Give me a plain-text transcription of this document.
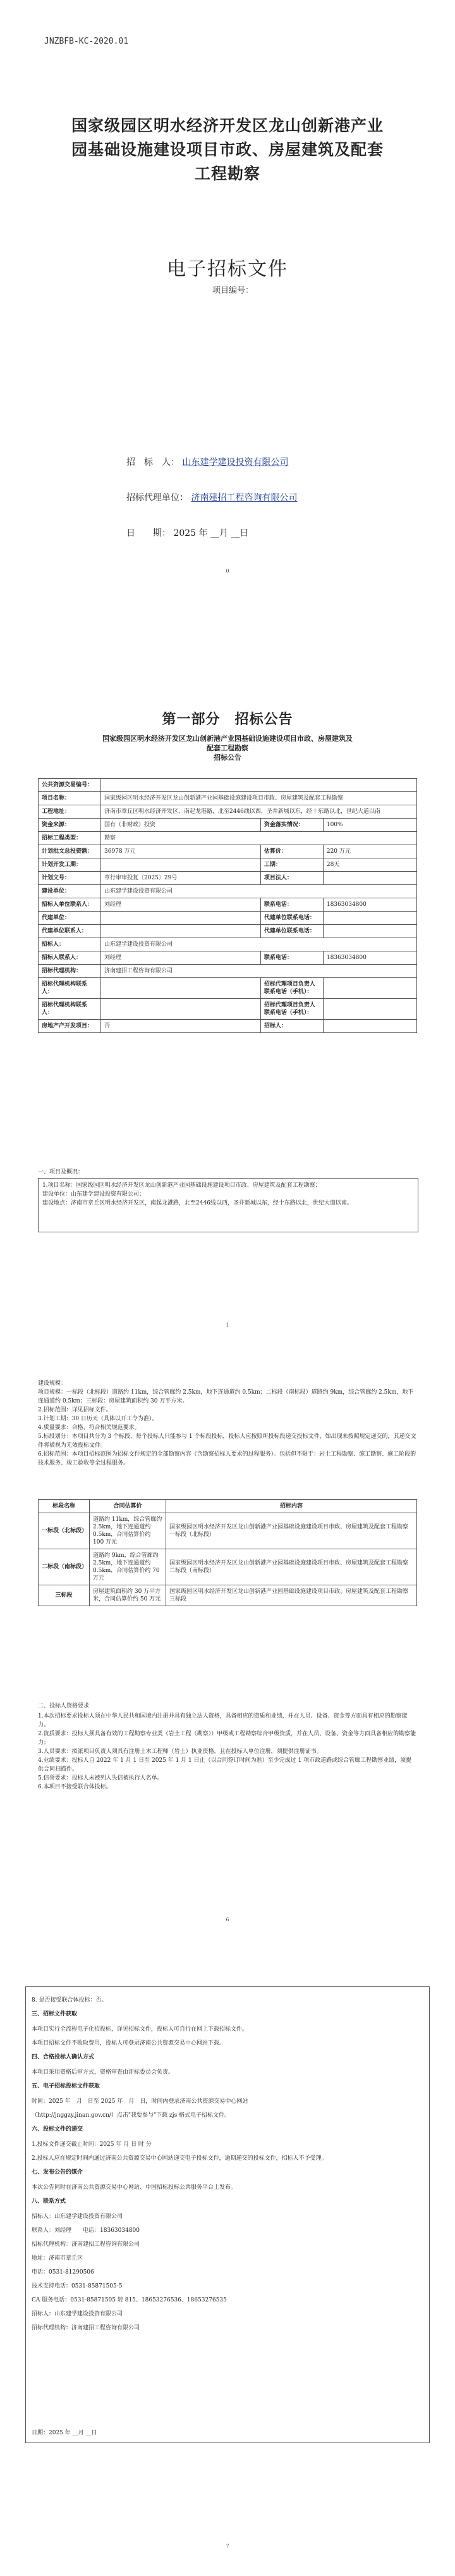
JNZBFB-KC-2020.01
国家级园区明水经济开发区龙山创新港产业园基础设施建设项目市政、房屋建筑及配套工程勘察
电子招标文件
项目编号：
招　标　人： 山东建学建设投资有限公司
招标代理单位： 济南建招工程咨询有限公司
日　　期： 2025 年 __月 __日
0
第一部分　招标公告
国家级园区明水经济开发区龙山创新港产业园基础设施建设项目市政、房屋建筑及配套工程勘察
招标公告
公共资源交易编号：			
项目名称：	国家级园区明水经济开发区龙山创新港产业园基础设施建设项目市政、房屋建筑及配套工程勘察		
工程地址：	济南市章丘区明水经济开发区，南起龙港路，北至2446线以西，圣井新城以东，经十东路以北，世纪大道以南		
资金来源：	国有（非财政）投资	资金落实情况：	100%
招标工程类型：	勘察		
计划批文总投资额：	36978 万元	估算价：	220 万元
计划开发工期：		工期：	28天
计划文号：	章行审审投复〔2025〕29号	项目法人：	
建设单位：	山东建学建设投资有限公司		
招标人单位联系人：	刘经理	联系电话：	18363034800
代建单位：		代建单位联系电话：	
代建单位联系人：		代建单位联系电话：	
招标人：	山东建学建设投资有限公司		
招标人联系人：	刘经理	联系电话：	18363034800
招标代理机构：	济南建招工程咨询有限公司		
招标代理机构联系人：		招标代理项目负责人联系电话（手机）：	
招标代理机构联系人：		招标代理项目负责人联系电话（手机）：	
房地产产开发项目：	否	招标人：	
一、项目及概况：
1.项目名称：国家级园区明水经济开发区龙山创新港产业园基础设施建设项目市政、房屋建筑及配套工程勘察；
建设单位：山东建学建设投资有限公司；
建设地点：济南市章丘区明水经济开发区，南起龙港路，北至2446线以西，圣井新城以东，经十东路以北，世纪大道以南。
1
建设规模：
项目规模：一标段（北标段）道路约 11km，综合管廊约 2.5km，地下连通道约 0.5km；二标段（南标段）道路约 9km，综合管廊约 2.5km，地下连通道约 0.5km；三标段：房屋建筑面积约 30 万平方米。
2.招标范围：详见招标文件。
3.计划工期：30 日历天（具体以开工令为准）。
4.质量要求：合格，符合相关规范要求。
5.标段划分：本项目共分为 3 个标段，每个投标人只能参与 1 个标段投标，投标人应按照所投标段递交投标文件，如出现未按照规定递交的，其递交文件将被视为无效投标文件。
6.招标范围：本项目招标范围为招标文件规定的全部勘察内容（含勘察招标人要求的过程服务）。包括但不限于：岩土工程勘察、施工勘察、施工阶段的技术服务、竣工验收等全过程服务。
标段名称	合同估算价	招标内容
一标段（北标段）	道路约 11km，综合管廊约 2.5km，地下连通道约 0.5km，合同估算价约 100 万元	国家级园区明水经济开发区龙山创新港产业园基础设施建设项目市政、房屋建筑及配套工程勘察一标段（北标段）
二标段（南标段）	道路约 9km，综合管廊约 2.5km，地下连通道约 0.5km，合同估算价约 70 万元	国家级园区明水经济开发区龙山创新港产业园基础设施建设项目市政、房屋建筑及配套工程勘察二标段（南标段）
三标段	房屋建筑面积约 30 万平方米，合同估算价约 50 万元	国家级园区明水经济开发区龙山创新港产业园基础设施建设项目市政、房屋建筑及配套工程勘察三标段
二、投标人资格要求
1.本次招标要求投标人须在中华人民共和国境内注册并具有独立法人资格，具备相应的资质和业绩，并在人员、设备、资金等方面具有相应的勘察能力。
2.资质要求：投标人须具备有效的工程勘察专业类（岩土工程（勘察））甲级或工程勘察综合甲级资质，并在人员、设备、资金等方面具备相应的勘察能力；
3.人员要求：拟派项目负责人须具有注册土木工程师（岩土）执业资格，且在投标人单位注册，须提供注册证书。
4.业绩要求：投标人自 2022 年 1 月 1 日至 2025 年 1 月 1 日止（以合同签订时间为准）至少完成过 1 项市政道路或综合管廊工程勘察业绩，须提供合同扫描件。
5.信誉要求：投标人未被列入失信被执行人名单。
6.本项目不接受联合体投标。
6
8. 是否接受联合体投标：否。
三、招标文件获取
本项目实行全流程电子化招投标，详见招标文件，投标人可自行在网上下载招标文件。
本项目招标文件不收取费用，投标人可登录济南公共资源交易中心网站下载。
四、合格投标人确认方式
本项目采用资格后审方式，资格审查由评标委员会负责。
五、电子招标投标文件获取
时间：2025 年　月　日至 2025 年　月　日，时间内登录济南公共资源交易中心网站
（http://jnggzy.jinan.gov.cn/）点击"我要参与"下载 zjs 格式电子招标文件。
六、投标文件的递交
1.投标文件递交截止时间：2025 年 月 日 时 分
2.投标人应在规定时间内通过济南公共资源交易中心网站递交电子投标文件，逾期递交的投标文件，招标人不予受理。
七、发布公告的媒介
本次公告同时在济南公共资源交易中心网站、中国招标投标公共服务平台上发布。
八、联系方式
招标人：山东建学建设投资有限公司
联系人：刘经理　　电话：18363034800
招标代理机构：济南建招工程咨询有限公司
地址：济南市章丘区
电话：0531-81290506
技术支持电话：0531-85871505-5
CA 服务电话：0531-85871505 转 815、18653276536、18653276535
招标人：山东建学建设投资有限公司
招标代理机构：济南建招工程咨询有限公司
日期：2025 年 __月 __日
7
